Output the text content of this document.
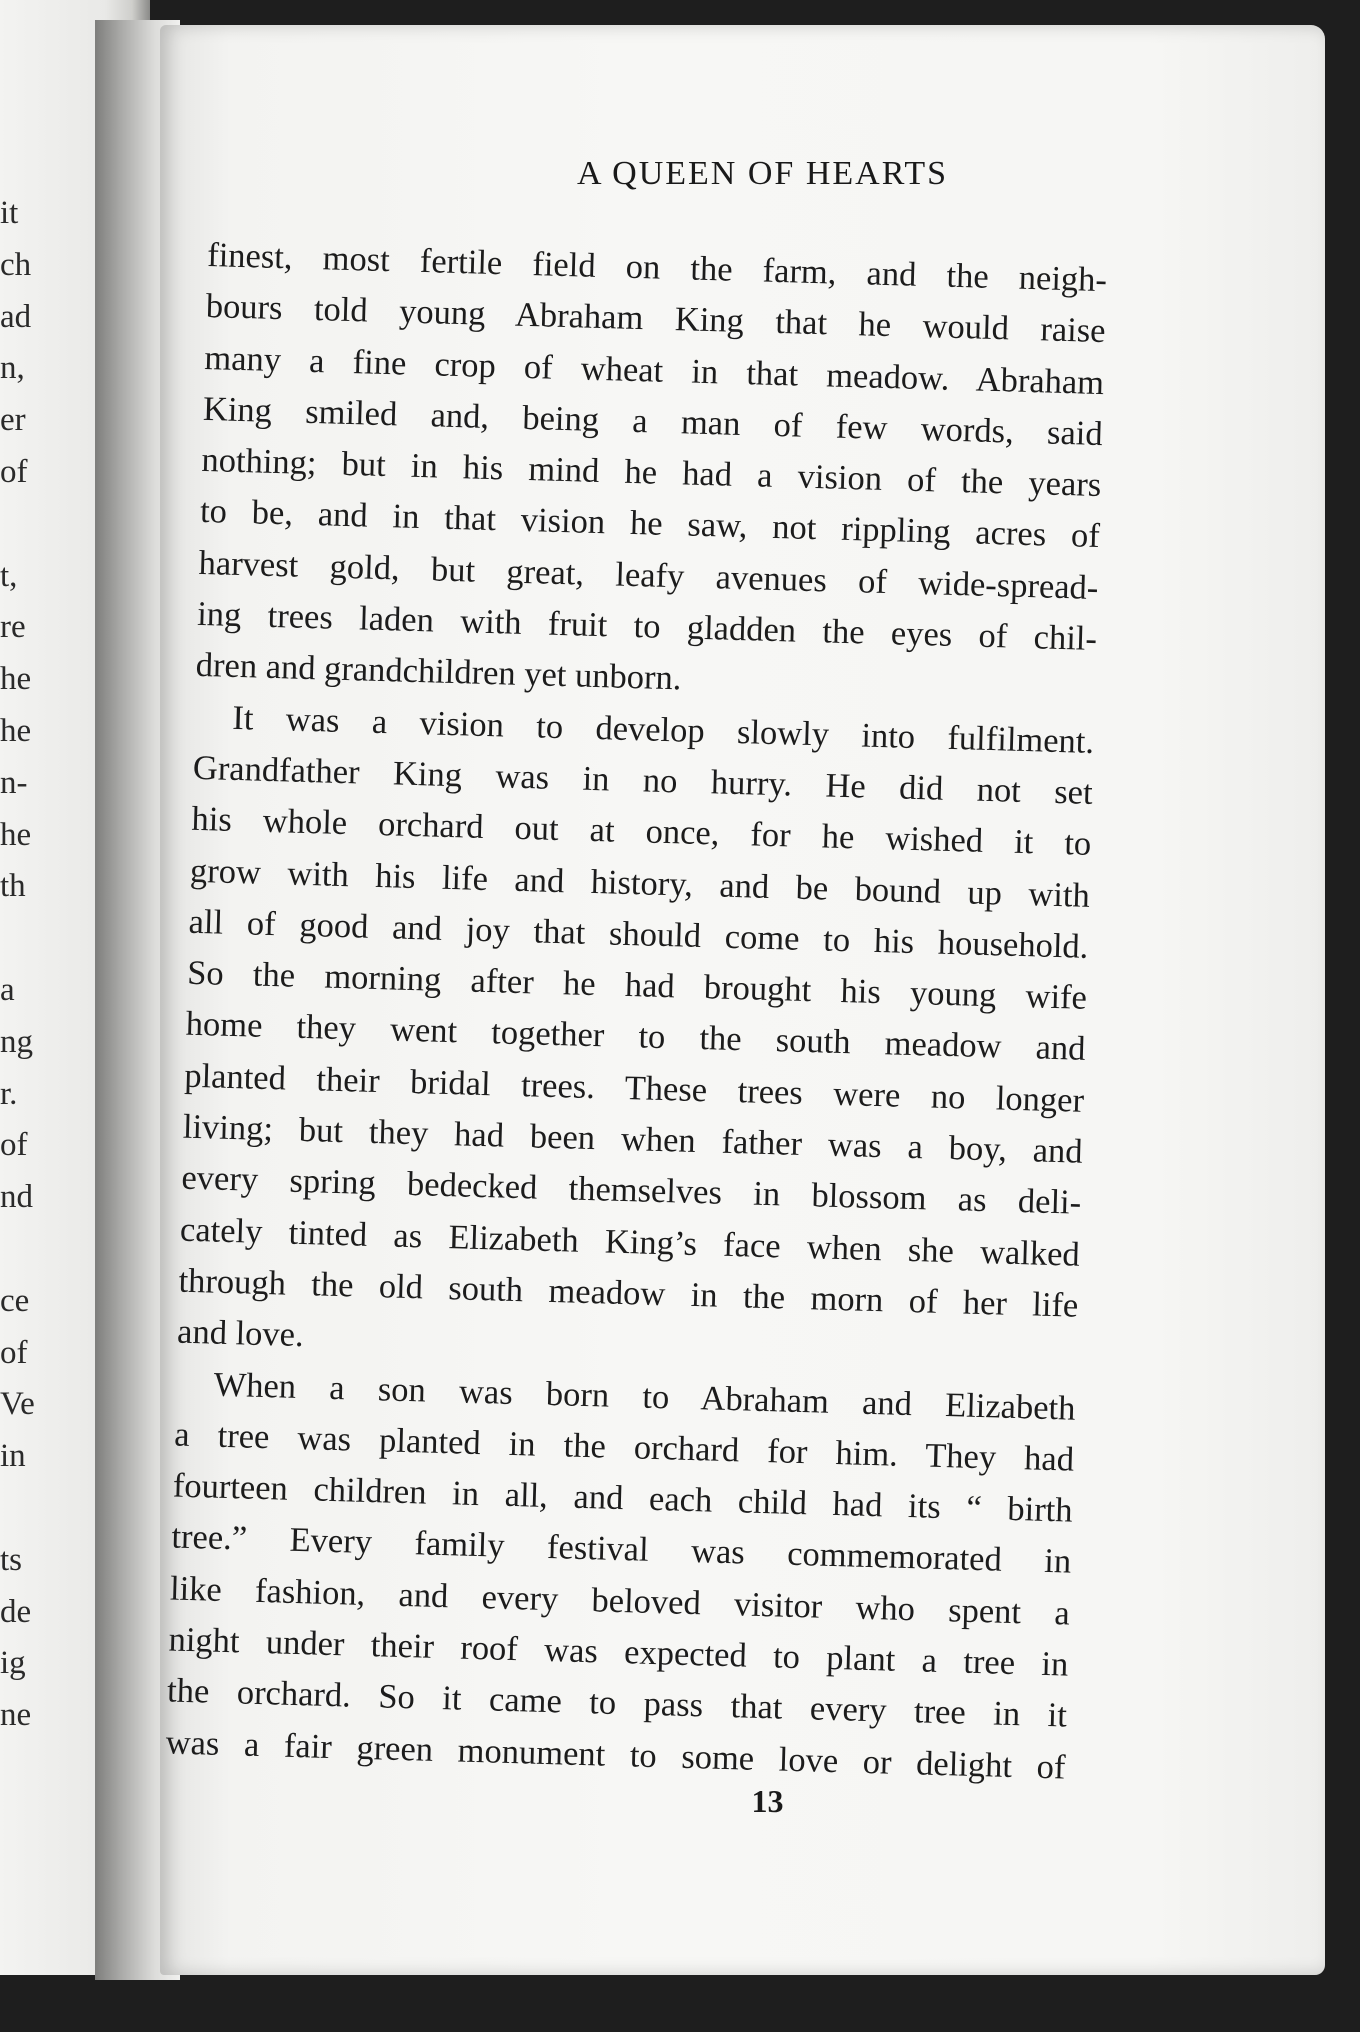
it
ch
ad
n,
er
of
t,
re
he
he
n-
he
th
a
ng
r.
of
nd
ce
of
Ve
in
ts
de
ig
ne
A QUEEN OF HEARTS
finest, most fertile field on the farm, and the neigh-
bours told young Abraham King that he would raise
many a fine crop of wheat in that meadow. Abraham
King smiled and, being a man of few words, said
nothing; but in his mind he had a vision of the years
to be, and in that vision he saw, not rippling acres of
harvest gold, but great, leafy avenues of wide-spread-
ing trees laden with fruit to gladden the eyes of chil-
dren and grandchildren yet unborn.
It was a vision to develop slowly into fulfilment.
Grandfather King was in no hurry. He did not set
his whole orchard out at once, for he wished it to
grow with his life and history, and be bound up with
all of good and joy that should come to his household.
So the morning after he had brought his young wife
home they went together to the south meadow and
planted their bridal trees. These trees were no longer
living; but they had been when father was a boy, and
every spring bedecked themselves in blossom as deli-
cately tinted as Elizabeth King’s face when she walked
through the old south meadow in the morn of her life
and love.
When a son was born to Abraham and Elizabeth
a tree was planted in the orchard for him. They had
fourteen children in all, and each child had its “ birth
tree.” Every family festival was commemorated in
like fashion, and every beloved visitor who spent a
night under their roof was expected to plant a tree in
the orchard. So it came to pass that every tree in it
was a fair green monument to some love or delight of
13
